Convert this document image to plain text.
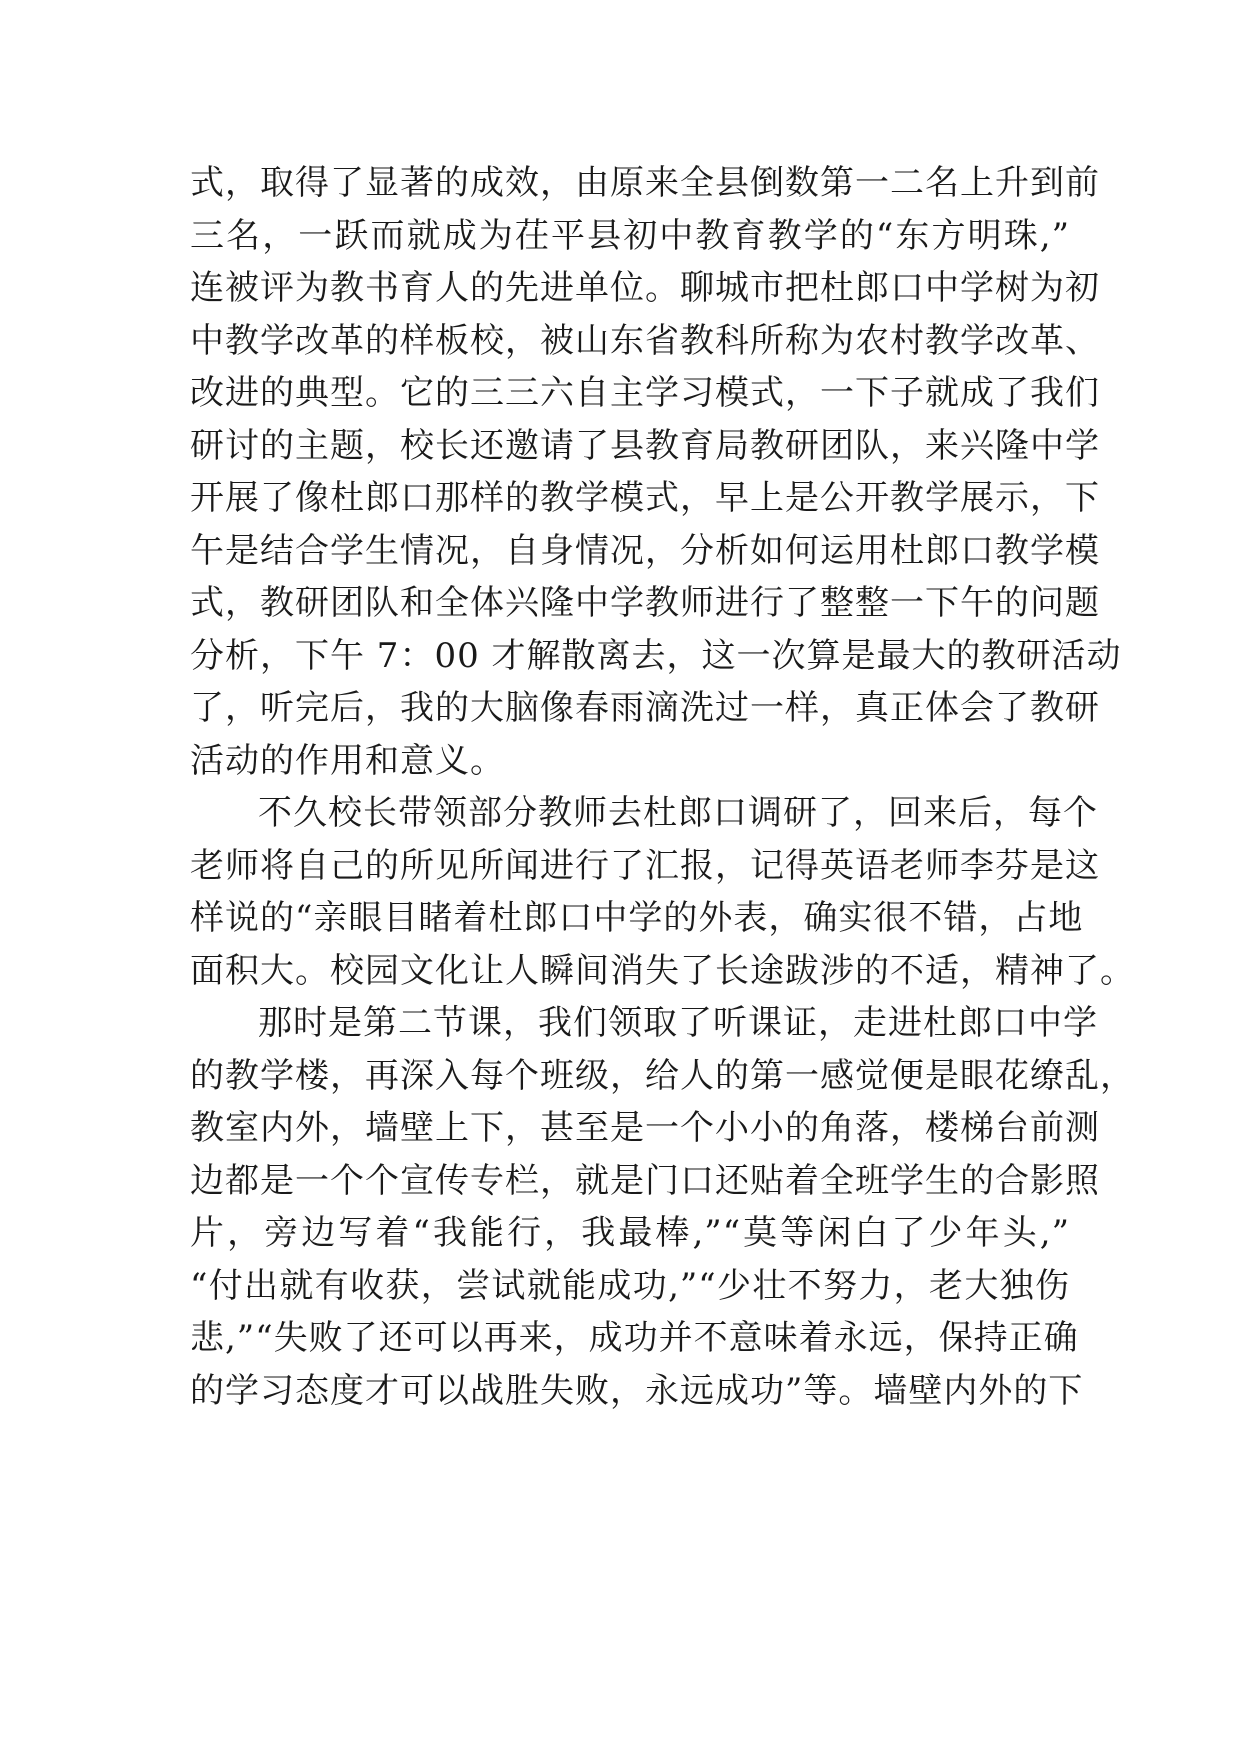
式，取得了显著的成效，由原来全县倒数第一二名上升到前
三名，一跃而就成为茌平县初中教育教学的“东方明珠,”
连被评为教书育人的先进单位。聊城市把杜郎口中学树为初
中教学改革的样板校，被山东省教科所称为农村教学改革、
改进的典型。它的三三六自主学习模式，一下子就成了我们
研讨的主题，校长还邀请了县教育局教研团队，来兴隆中学
开展了像杜郎口那样的教学模式，早上是公开教学展示，下
午是结合学生情况，自身情况，分析如何运用杜郎口教学模
式，教研团队和全体兴隆中学教师进行了整整一下午的问题
分析，下午 7：00 才解散离去，这一次算是最大的教研活动
了，听完后，我的大脑像春雨滴洗过一样，真正体会了教研
活动的作用和意义。
不久校长带领部分教师去杜郎口调研了，回来后，每个
老师将自己的所见所闻进行了汇报，记得英语老师李芬是这
样说的“亲眼目睹着杜郎口中学的外表，确实很不错，占地
面积大。校园文化让人瞬间消失了长途跋涉的不适，精神了。
那时是第二节课，我们领取了听课证，走进杜郎口中学
的教学楼，再深入每个班级，给人的第一感觉便是眼花缭乱，
教室内外，墙壁上下，甚至是一个小小的角落，楼梯台前测
边都是一个个宣传专栏，就是门口还贴着全班学生的合影照
片，旁边写着“我能行，我最棒,”“莫等闲白了少年头,”
“付出就有收获，尝试就能成功,”“少壮不努力，老大独伤
悲,”“失败了还可以再来，成功并不意味着永远，保持正确
的学习态度才可以战胜失败，永远成功”等。墙壁内外的下
